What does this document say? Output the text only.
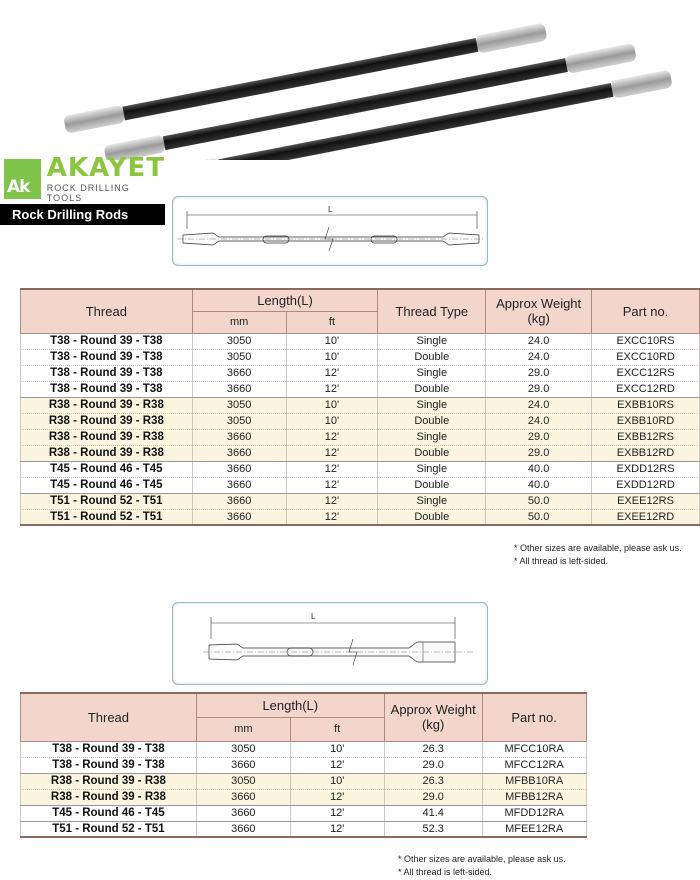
Ak
AKAYET
ROCK DRILLING TOOLS
Rock Drilling Rods	L
Thread	Length(L)		Thread Type	Approx Weight (kg)	Part no.
	mm	ft			
T38 - Round 39 - T38	3050	10'	Single	24.0	EXCC10RS
T38 - Round 39 - T38	3050	10'	Double	24.0	EXCC10RD
T38 - Round 39 - T38	3660	12'	Single	29.0	EXCC12RS
T38 - Round 39 - T38	3660	12'	Double	29.0	EXCC12RD
R38 - Round 39 - R38	3050	10'	Single	24.0	EXBB10RS
R38 - Round 39 - R38	3050	10'	Double	24.0	EXBB10RD
R38 - Round 39 - R38	3660	12'	Single	29.0	EXBB12RS
R38 - Round 39 - R38	3660	12'	Double	29.0	EXBB12RD
T45 - Round 46 - T45	3660	12'	Single	40.0	EXDD12RS
T45 - Round 46 - T45	3660	12'	Double	40.0	EXDD12RD
T51 - Round 52 - T51	3660	12'	Single	50.0	EXEE12RS
T51 - Round 52 - T51	3660	12'	Double	50.0	EXEE12RD
* Other sizes are available, please ask us.
* All thread is left-sided.
L
Thread	Length(L)		Approx Weight (kg)	Part no.	
	mm	ft			
T38 - Round 39 - T38	3050	10'	26.3	MFCC10RA	
T38 - Round 39 - T38	3660	12'	29.0	MFCC12RA	
R38 - Round 39 - R38	3050	10'	26.3	MFBB10RA	
R38 - Round 39 - R38	3660	12'	29.0	MFBB12RA	
T45 - Round 46 - T45	3660	12'	41.4	MFDD12RA	
T51 - Round 52 - T51	3660	12'	52.3	MFEE12RA	
* Other sizes are available, please ask us.
* All thread is left-sided.
